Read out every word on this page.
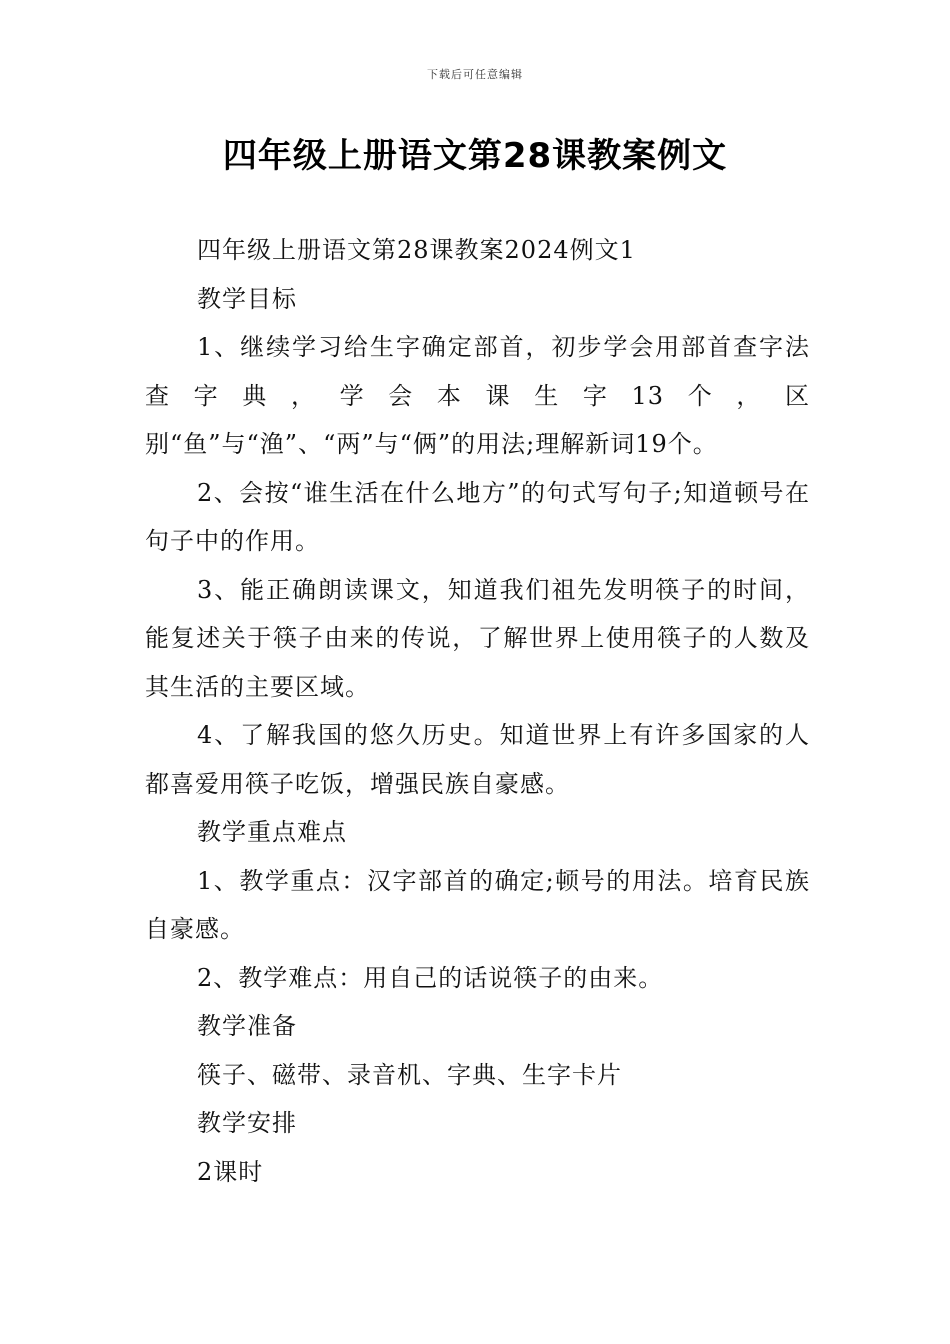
下载后可任意编辑
四年级上册语文第28课教案例文

四年级上册语文第28课教案2024例文1

教学目标

1、继续学习给生字确定部首，初步学会用部首查字法查字典，学会本课生字13个，区别“鱼”与“渔”、“两”与“俩”的用法;理解新词19个。

2、会按“谁生活在什么地方”的句式写句子;知道顿号在句子中的作用。

3、能正确朗读课文，知道我们祖先发明筷子的时间，能复述关于筷子由来的传说，了解世界上使用筷子的人数及其生活的主要区域。

4、了解我国的悠久历史。知道世界上有许多国家的人都喜爱用筷子吃饭，增强民族自豪感。

教学重点难点

1、教学重点：汉字部首的确定;顿号的用法。培育民族自豪感。

2、教学难点：用自己的话说筷子的由来。

教学准备

筷子、磁带、录音机、字典、生字卡片

教学安排

2课时
